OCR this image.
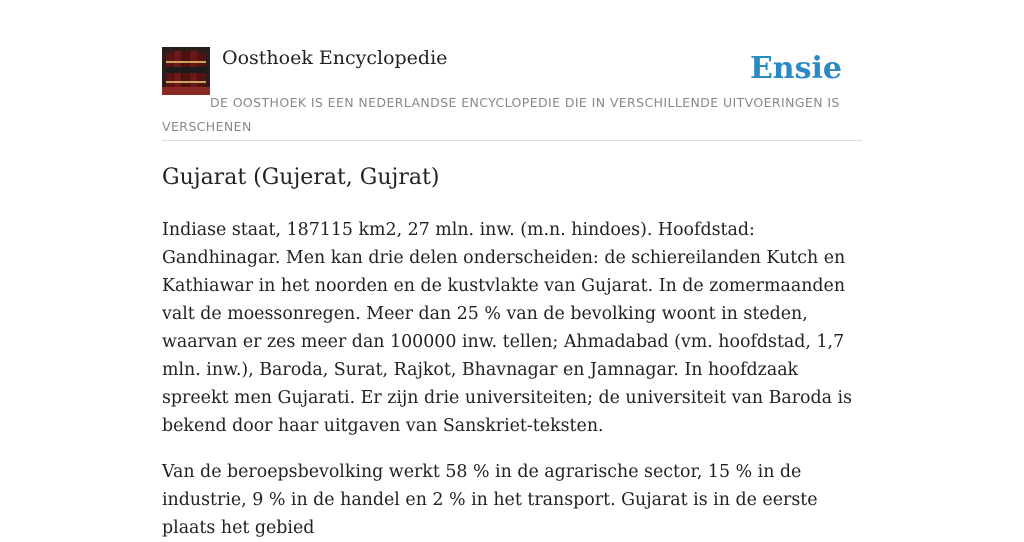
Oosthoek Encyclopedie	Ensie
DE OOSTHOEK IS EEN NEDERLANDSE ENCYCLOPEDIE DIE IN VERSCHILLENDE UITVOERINGEN IS VERSCHENEN
Gujarat (Gujerat, Gujrat)

Indiase staat, 187115 km2, 27 mln. inw. (m.n. hindoes). Hoofdstad: Gandhinagar. Men kan drie delen onderscheiden: de schiereilanden Kutch en Kathiawar in het noorden en de kustvlakte van Gujarat. In de zomermaanden valt de moessonregen. Meer dan 25 % van de bevolking woont in steden, waarvan er zes meer dan 100000 inw. tellen; Ahmadabad (vm. hoofdstad, 1,7 mln. inw.), Baroda, Surat, Rajkot, Bhavnagar en Jamnagar. In hoofdzaak spreekt men Gujarati. Er zijn drie universiteiten; de universiteit van Baroda is bekend door haar uitgaven van Sanskriet-teksten.

Van de beroepsbevolking werkt 58 % in de agrarische sector, 15 % in de industrie, 9 % in de handel en 2 % in het transport. Gujarat is in de eerste plaats het gebied
